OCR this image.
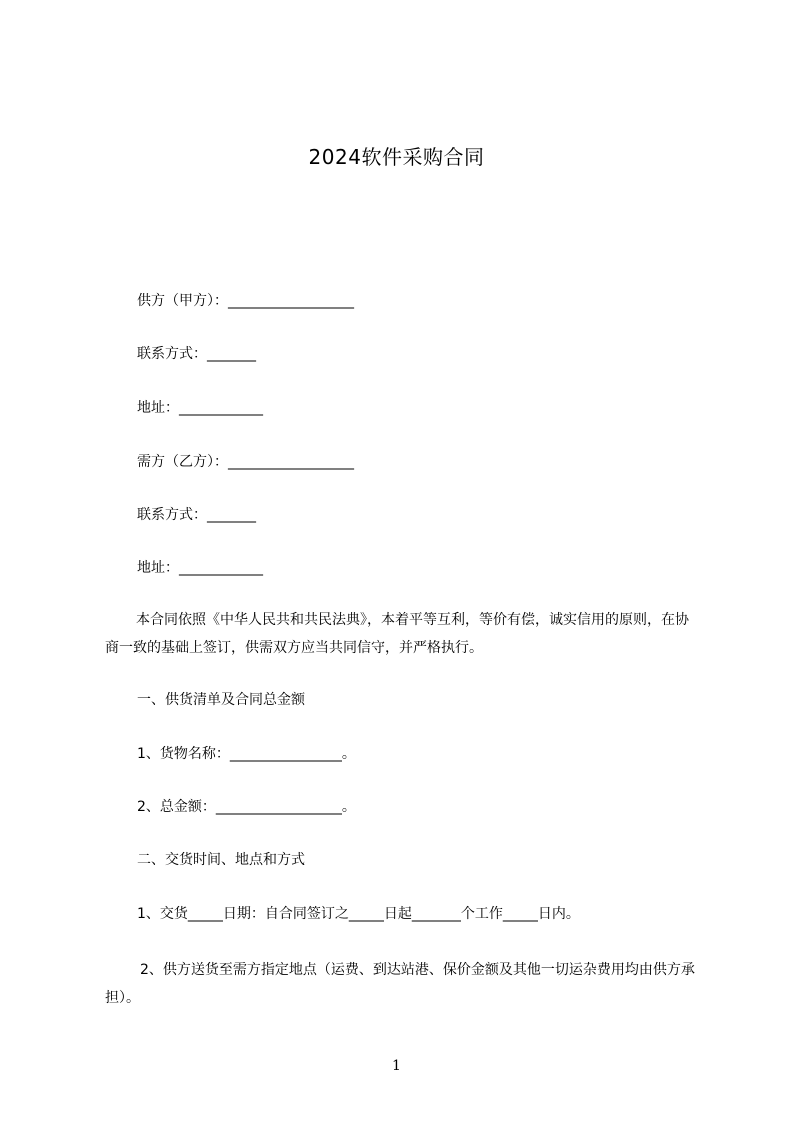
2024软件采购合同
供方（甲方）：__________________
联系方式：_______
地址：____________
需方（乙方）：__________________
联系方式：_______
地址：____________
本合同依照《中华人民共和共民法典》，本着平等互利，等价有偿，诚实信用的原则，在协商一致的基础上签订，供需双方应当共同信守，并严格执行。
一、供货清单及合同总金额
1、货物名称：________________。
2、总金额：__________________。
二、交货时间、地点和方式
1、交货_____日期：自合同签订之_____日起_______个工作_____日内。
2、供方送货至需方指定地点（运费、到达站港、保价金额及其他一切运杂费用均由供方承担）。
1
